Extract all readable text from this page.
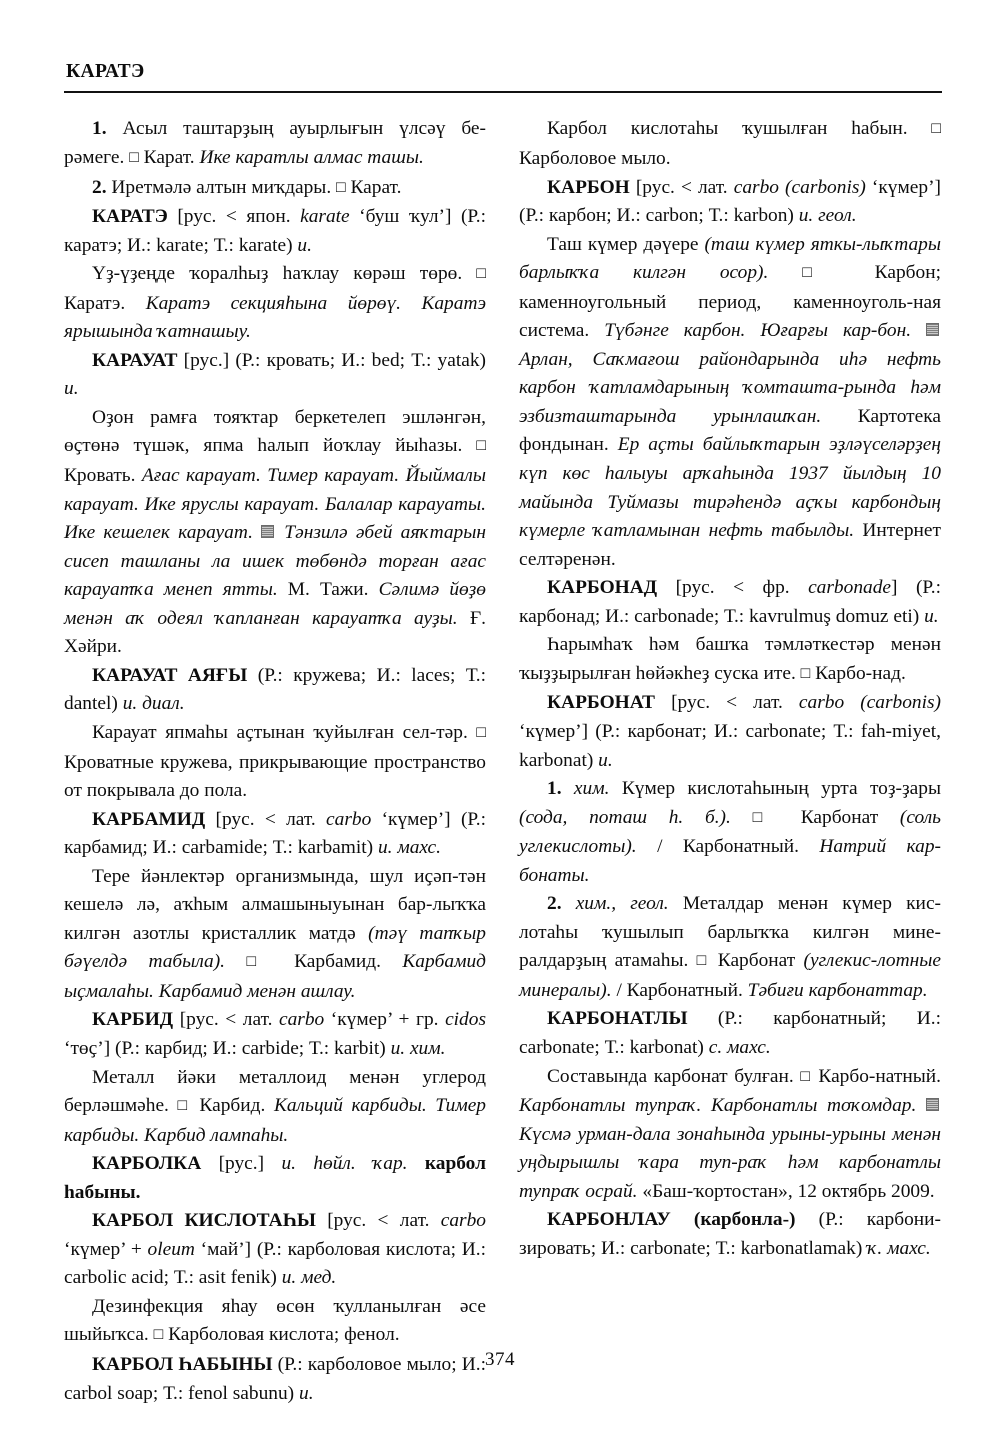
КАРАТЭ

1. Асыл таштарҙың ауырлығын үлсәү бе-рәмеге. □ Карат. Ике каратлы алмас ташы.

2. Иретмәлә алтын миҡдары. □ Карат.

КАРАТЭ [рус. < япон. karate ‘буш ҡул’] (Р.: каратэ; И.: karate; Т.: karate) и.

Үҙ-үҙеңде ҡоралһыҙ һаҡлау көрәш төрө. □ Каратэ. Каратэ секцияһына йөрөү. Каратэ ярышында ҡатнашыу.

КАРАУАТ [рус.] (Р.: кровать; И.: bed; Т.: yatak) и.

Оҙон рамға тояҡтар беркетелеп эшләнгән, өҫтөнә түшәк, япма һалып йоҡлау йыһазы. □ Кровать. Ағас карауат. Тимер карауат. Йыймалы карауат. Ике яруслы карауат. Балалар карауаты. Ике кешелек карауат.  Тәнзилә әбей аяҡтарын сисеп ташланы ла ишек төбөндә торған ағас карауатҡа менеп ятты. М. Тажи. Сәлимә йөҙө менән аҡ одеял ҡапланған карауатҡа ауҙы. Ғ. Хәйри.

КАРАУАТ АЯҒЫ (Р.: кружева; И.: laces; Т.: dantel) и. диал.

Карауат япмаһы аҫтынан ҡуйылған сел-тәр. □ Кроватные кружева, прикрывающие пространство от покрывала до пола.

КАРБАМИД [рус. < лат. carbo ‘күмер’] (Р.: карбамид; И.: carbamide; Т.: karbamit) и. махс.

Тере йәнлектәр организмында, шул иҫәп-тән кешелә лә, аҡһым алмашыныуынан бар-лыҡҡа килгән азотлы кристаллик матдә (тәү тапҡыр бәүелдә табыла). □ Карбамид. Карбамид ыҫмалаһы. Карбамид менән ашлау.

КАРБИД [рус. < лат. carbo ‘күмер’ + гр. cidos ‘төҫ’] (Р.: карбид; И.: carbide; Т.: karbit) и. хим.

Металл йәки металлоид менән углерод берләшмәһе. □ Карбид. Кальций карбиды. Тимер карбиды. Карбид лампаһы.

КАРБОЛКА [рус.] и. һөйл. ҡар. карбол һабыны.

КАРБОЛ КИСЛОТАҺЫ [рус. < лат. carbo ‘күмер’ + oleum ‘май’] (Р.: карболовая кислота; И.: carbolic acid; Т.: asit fenik) и. мед.

Дезинфекция яһау өсөн ҡулланылған әсе шыйыҡса. □ Карболовая кислота; фенол.

КАРБОЛ ҺАБЫНЫ (Р.: карболовое мыло; И.: carbol soap; Т.: fenol sabunu) и.

Карбол кислотаһы ҡушылған һабын. □ Карболовое мыло.

КАРБОН [рус. < лат. carbo (carbonis) ‘күмер’] (Р.: карбон; И.: carbon; Т.: karbon) и. геол.

Таш күмер дәүере (таш күмер яткы-лыҡтары барлыҡҡа килгән осор). □ Карбон; каменноугольный период, каменноуголь-ная система. Түбәнге карбон. Юғарғы кар-бон.  Арлан, Саҡмағош райондарында иһә нефть карбон ҡатламдарының ҡомташта-рында һәм эзбизташтарында урынлашҡан. Картотека фондынан. Ер аҫты байлыҡтарын эҙләүселәрҙең күп көс һалыуы арҡаһында 1937 йылдың 10 майында Туймазы тирәһендә аҫҡы карбондың күмерле ҡатламынан нефть табылды. Интернет селтәренән.

КАРБОНАД [рус. < фр. carbonade] (Р.: карбонад; И.: carbonade; Т.: kavrulmuş domuz eti) и.

Һарымһаҡ һәм башҡа тәмләткестәр менән ҡыҙҙырылған һөйәкһеҙ суска ите. □ Карбо-над.

КАРБОНАТ [рус. < лат. carbo (carbonis) ‘күмер’] (Р.: карбонат; И.: carbonate; Т.: fah-miyet, karbonat) и.

1. хим. Күмер кислотаһының урта тоҙ-ҙары (сода, поташ һ. б.). □ Карбонат (соль углекислоты). / Карбонатный. Натрий кар-бонаты.

2. хим., геол. Металдар менән күмер кис-лотаһы ҡушылып барлыҡҡа килгән мине-ралдарҙың атамаһы. □ Карбонат (углекис-лотные минералы). / Карбонатный. Тәбиғи карбонаттар.

КАРБОНАТЛЫ (Р.: карбонатный; И.: carbonate; Т.: karbonat) с. махс.

Составында карбонат булған. □ Карбо-натный. Карбонатлы тупраҡ. Карбонатлы тоҡомдар.  Күсмә урман-дала зонаһында урыны-урыны менән уңдырышлы ҡара туп-раҡ һәм карбонатлы тупраҡ осрай. «Баш-ҡортостан», 12 октябрь 2009.

КАРБОНЛАУ (карбонла-) (Р.: карбони-зировать; И.: carbonate; Т.: karbonatlamak) ҡ. махс.

374
